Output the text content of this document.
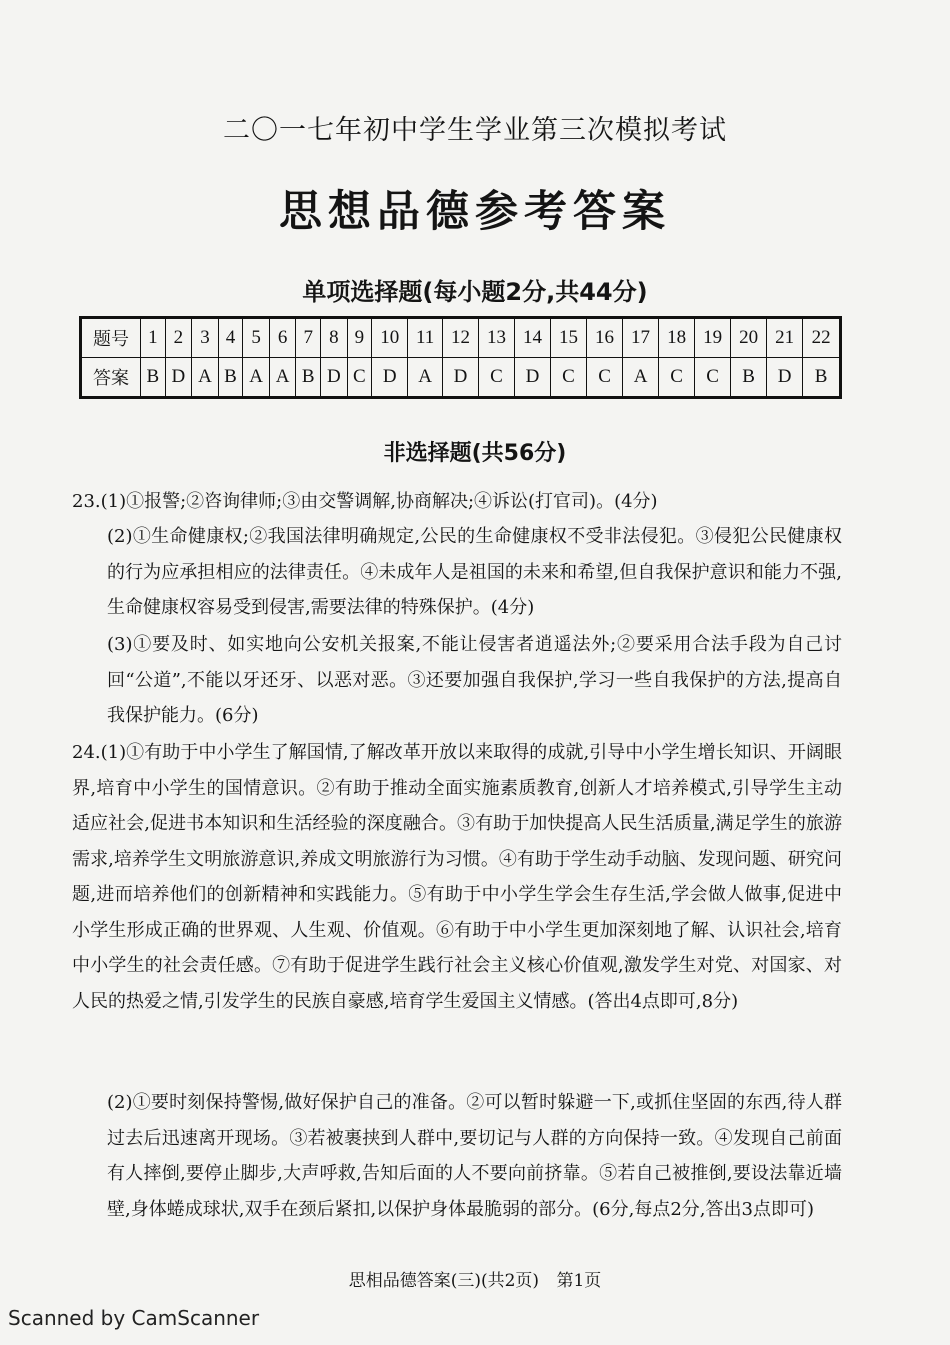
二〇一七年初中学生学业第三次模拟考试
思想品德参考答案
单项选择题(每小题2分,共44分)
题号	1	2	3	4	5	6	7	8	9	10	11	12	13	14	15	16	17	18	19	20	21	22
答案	B	D	A	B	A	A	B	D	C	D	A	D	C	D	C	C	A	C	C	B	D	B
非选择题(共56分)
23.(1)①报警;②咨询律师;③由交警调解,协商解决;④诉讼(打官司)。(4分)
(2)①生命健康权;②我国法律明确规定,公民的生命健康权不受非法侵犯。③侵犯公民健康权的行为应承担相应的法律责任。④未成年人是祖国的未来和希望,但自我保护意识和能力不强,生命健康权容易受到侵害,需要法律的特殊保护。(4分)
(3)①要及时、如实地向公安机关报案,不能让侵害者逍遥法外;②要采用合法手段为自己讨回“公道”,不能以牙还牙、以恶对恶。③还要加强自我保护,学习一些自我保护的方法,提高自我保护能力。(6分)
24.(1)①有助于中小学生了解国情,了解改革开放以来取得的成就,引导中小学生增长知识、开阔眼界,培育中小学生的国情意识。②有助于推动全面实施素质教育,创新人才培养模式,引导学生主动适应社会,促进书本知识和生活经验的深度融合。③有助于加快提高人民生活质量,满足学生的旅游需求,培养学生文明旅游意识,养成文明旅游行为习惯。④有助于学生动手动脑、发现问题、研究问题,进而培养他们的创新精神和实践能力。⑤有助于中小学生学会生存生活,学会做人做事,促进中小学生形成正确的世界观、人生观、价值观。⑥有助于中小学生更加深刻地了解、认识社会,培育中小学生的社会责任感。⑦有助于促进学生践行社会主义核心价值观,激发学生对党、对国家、对人民的热爱之情,引发学生的民族自豪感,培育学生爱国主义情感。(答出4点即可,8分)
(2)①要时刻保持警惕,做好保护自己的准备。②可以暂时躲避一下,或抓住坚固的东西,待人群过去后迅速离开现场。③若被裹挟到人群中,要切记与人群的方向保持一致。④发现自己前面有人摔倒,要停止脚步,大声呼救,告知后面的人不要向前挤靠。⑤若自己被推倒,要设法靠近墙壁,身体蜷成球状,双手在颈后紧扣,以保护身体最脆弱的部分。(6分,每点2分,答出3点即可)
思相品德答案(三)(共2页) 第1页
Scanned by CamScanner
